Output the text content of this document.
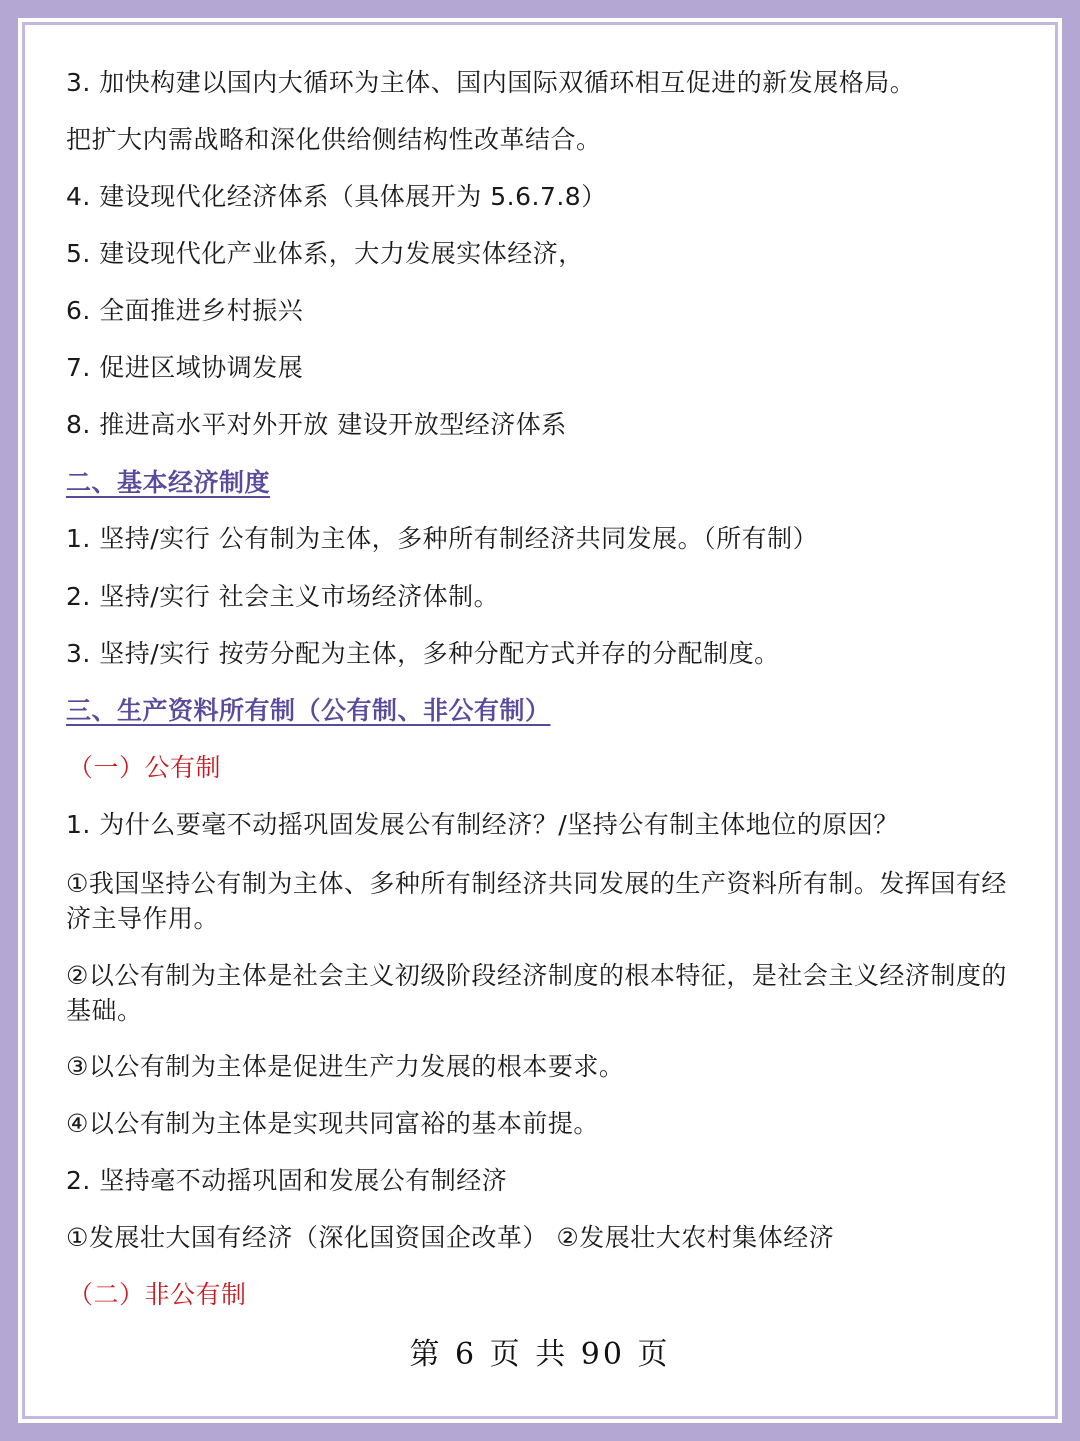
3. 加快构建以国内大循环为主体、国内国际双循环相互促进的新发展格局。
把扩大内需战略和深化供给侧结构性改革结合。
4. 建设现代化经济体系（具体展开为 5.6.7.8）
5. 建设现代化产业体系，大力发展实体经济，
6. 全面推进乡村振兴
7. 促进区域协调发展
8. 推进高水平对外开放 建设开放型经济体系
二、基本经济制度
1. 坚持/实行 公有制为主体，多种所有制经济共同发展。（所有制）
2. 坚持/实行 社会主义市场经济体制。
3. 坚持/实行 按劳分配为主体，多种分配方式并存的分配制度。
三、生产资料所有制（公有制、非公有制）
（一）公有制
1. 为什么要毫不动摇巩固发展公有制经济？/坚持公有制主体地位的原因？
①我国坚持公有制为主体、多种所有制经济共同发展的生产资料所有制。发挥国有经济主导作用。
②以公有制为主体是社会主义初级阶段经济制度的根本特征，是社会主义经济制度的基础。
③以公有制为主体是促进生产力发展的根本要求。
④以公有制为主体是实现共同富裕的基本前提。
2. 坚持毫不动摇巩固和发展公有制经济
①发展壮大国有经济（深化国资国企改革） ②发展壮大农村集体经济
（二）非公有制
第 6 页 共 90 页
